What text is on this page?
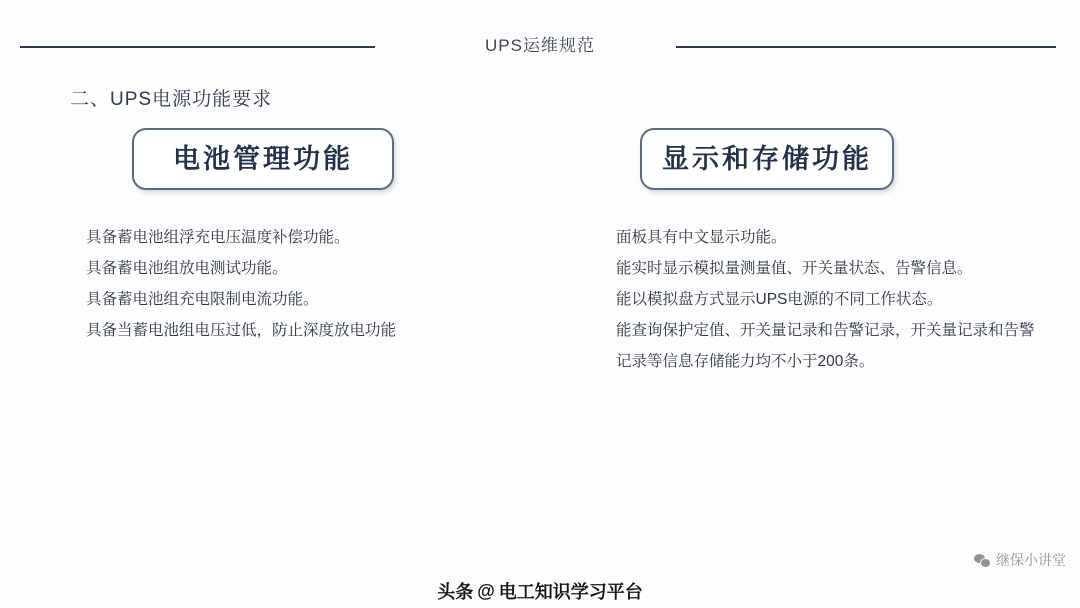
UPS运维规范
二、UPS电源功能要求
电池管理功能
具备蓄电池组浮充电压温度补偿功能。
具备蓄电池组放电测试功能。
具备蓄电池组充电限制电流功能。
具备当蓄电池组电压过低，防止深度放电功能
显示和存储功能
面板具有中文显示功能。
能实时显示模拟量测量值、开关量状态、告警信息。
能以模拟盘方式显示UPS电源的不同工作状态。
能查询保护定值、开关量记录和告警记录，开关量记录和告警记录等信息存储能力均不小于200条。
继保小讲堂
头条 @ 电工知识学习平台
